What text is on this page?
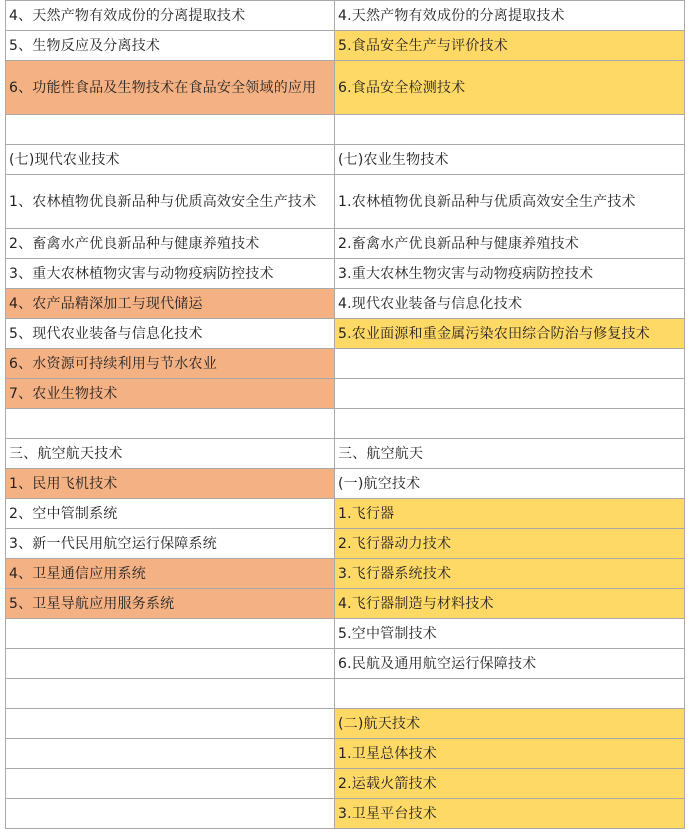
4、天然产物有效成份的分离提取技术	4.天然产物有效成份的分离提取技术
5、生物反应及分离技术	5.食品安全生产与评价技术
6、功能性食品及生物技术在食品安全领域的应用	6.食品安全检测技术

(七)现代农业技术	(七)农业生物技术
1、农林植物优良新品种与优质高效安全生产技术	1.农林植物优良新品种与优质高效安全生产技术
2、畜禽水产优良新品种与健康养殖技术	2.畜禽水产优良新品种与健康养殖技术
3、重大农林植物灾害与动物疫病防控技术	3.重大农林生物灾害与动物疫病防控技术
4、农产品精深加工与现代储运	4.现代农业装备与信息化技术
5、现代农业装备与信息化技术	5.农业面源和重金属污染农田综合防治与修复技术
6、水资源可持续利用与节水农业	
7、农业生物技术	

三、航空航天技术	三、航空航天
1、民用飞机技术	(一)航空技术
2、空中管制系统	1.飞行器
3、新一代民用航空运行保障系统	2.飞行器动力技术
4、卫星通信应用系统	3.飞行器系统技术
5、卫星导航应用服务系统	4.飞行器制造与材料技术
	5.空中管制技术
	6.民航及通用航空运行保障技术

	(二)航天技术
	1.卫星总体技术
	2.运载火箭技术
	3.卫星平台技术
